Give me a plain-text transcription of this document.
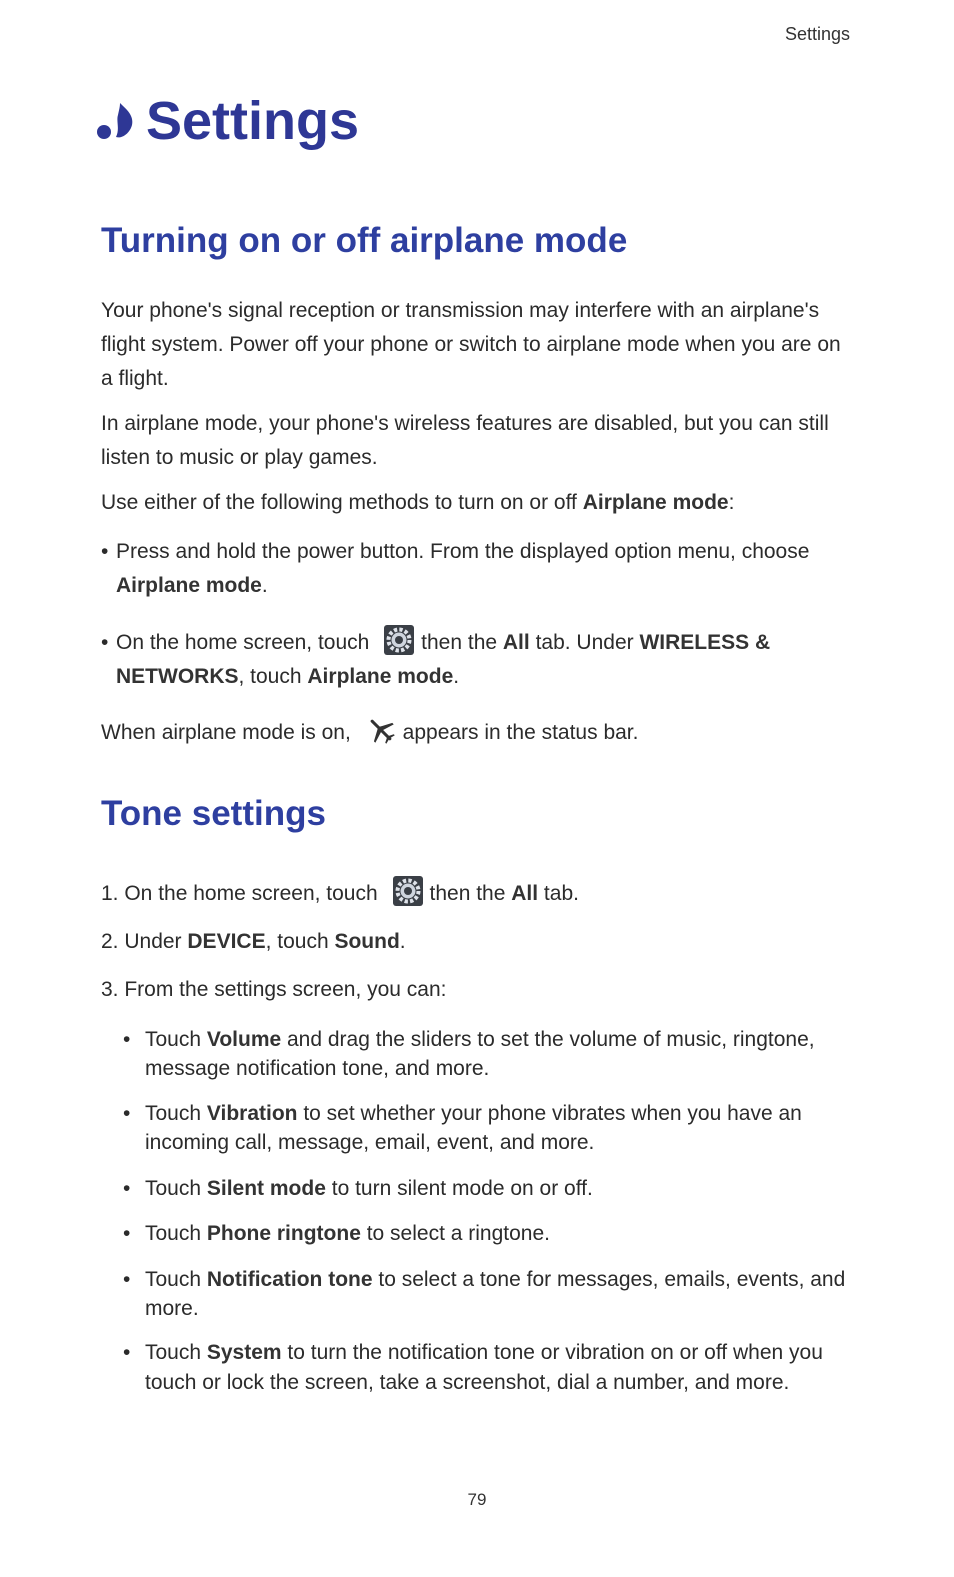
Settings
Settings
Turning on or off airplane mode
Your phone's signal reception or transmission may interfere with an airplane's flight system. Power off your phone or switch to airplane mode when you are on a flight.
In airplane mode, your phone's wireless features are disabled, but you can still listen to music or play games.
Use either of the following methods to turn on or off Airplane mode:
• Press and hold the power button. From the displayed option menu, choose Airplane mode.
• On the home screen, touch then the All tab. Under WIRELESS & NETWORKS, touch Airplane mode.
When airplane mode is on, appears in the status bar.
Tone settings
1. On the home screen, touch then the All tab.
2. Under DEVICE, touch Sound.
3. From the settings screen, you can:
• Touch Volume and drag the sliders to set the volume of music, ringtone, message notification tone, and more.
• Touch Vibration to set whether your phone vibrates when you have an incoming call, message, email, event, and more.
• Touch Silent mode to turn silent mode on or off.
• Touch Phone ringtone to select a ringtone.
• Touch Notification tone to select a tone for messages, emails, events, and more.
• Touch System to turn the notification tone or vibration on or off when you touch or lock the screen, take a screenshot, dial a number, and more.
79
